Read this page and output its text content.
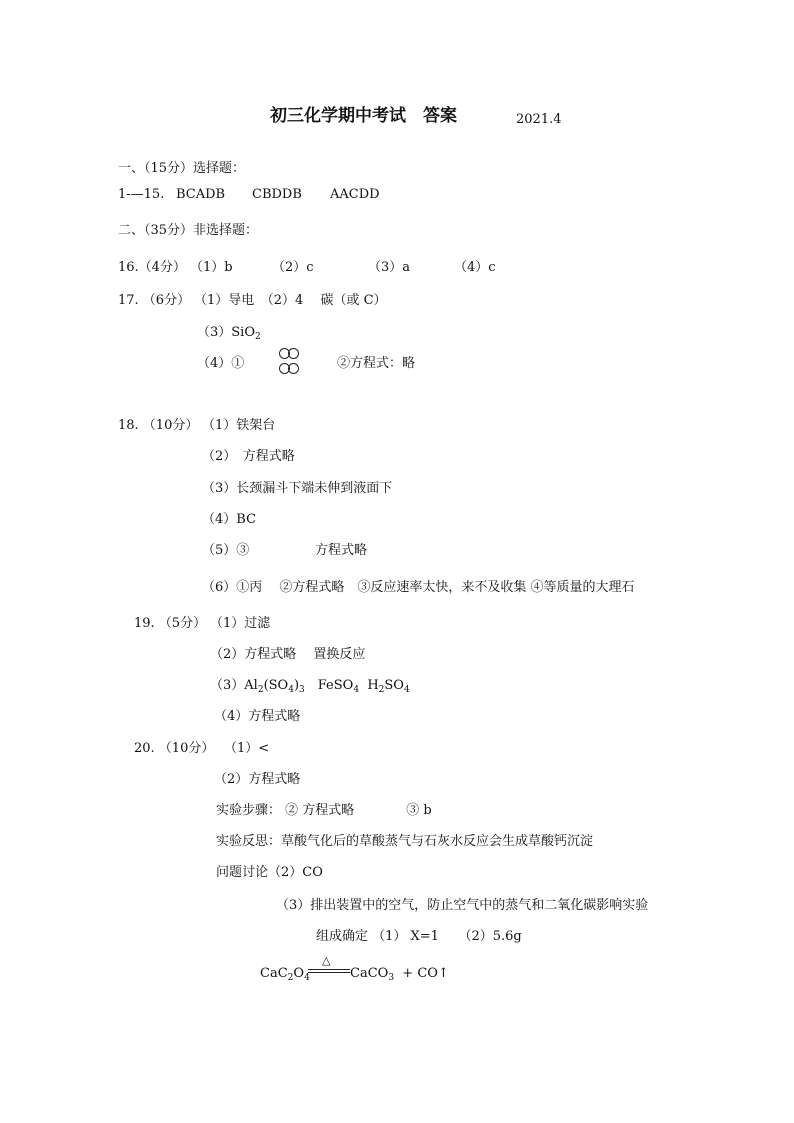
初三化学期中考试　答案	2021.4
一、（15分）选择题：
1-—15. BCADB CBDDB AACDD
二、（35分）非选择题：
16.（4分） （1）b	（2）c	（3）a	（4）c
17. （6分） （1）导电　（2）4　 碳（或 C）
（3）SiO$_2$
（4）①	②方程式：略
18. （10分） （1）铁架台
（2）　方程式略
（3）长颈漏斗下端未伸到液面下
（4）BC
（5）③	方程式略
（6）①丙　 ②方程式略　③反应速率太快，来不及收集 ④等质量的大理石
19. （5分） （1）过滤
（2）方程式略　 置换反应
$(3)Al_2(SO_4)_3$　FeSO$_4$  $H_2SO_4$
（4）方程式略
20. （10分） （1）<
（2）方程式略
实验步骤： ② 方程式略　　　　③ b
实验反思：草酸气化后的草酸蒸气与石灰水反应会生成草酸钙沉淀
问题讨论（2）CO
（3）排出装置中的空气，防止空气中的蒸气和二氧化碳影响实验
组成确定 （1） X=1　　（2）5.6g
$CaC_2O_4$
△
CaCO$_3$  + CO↑
